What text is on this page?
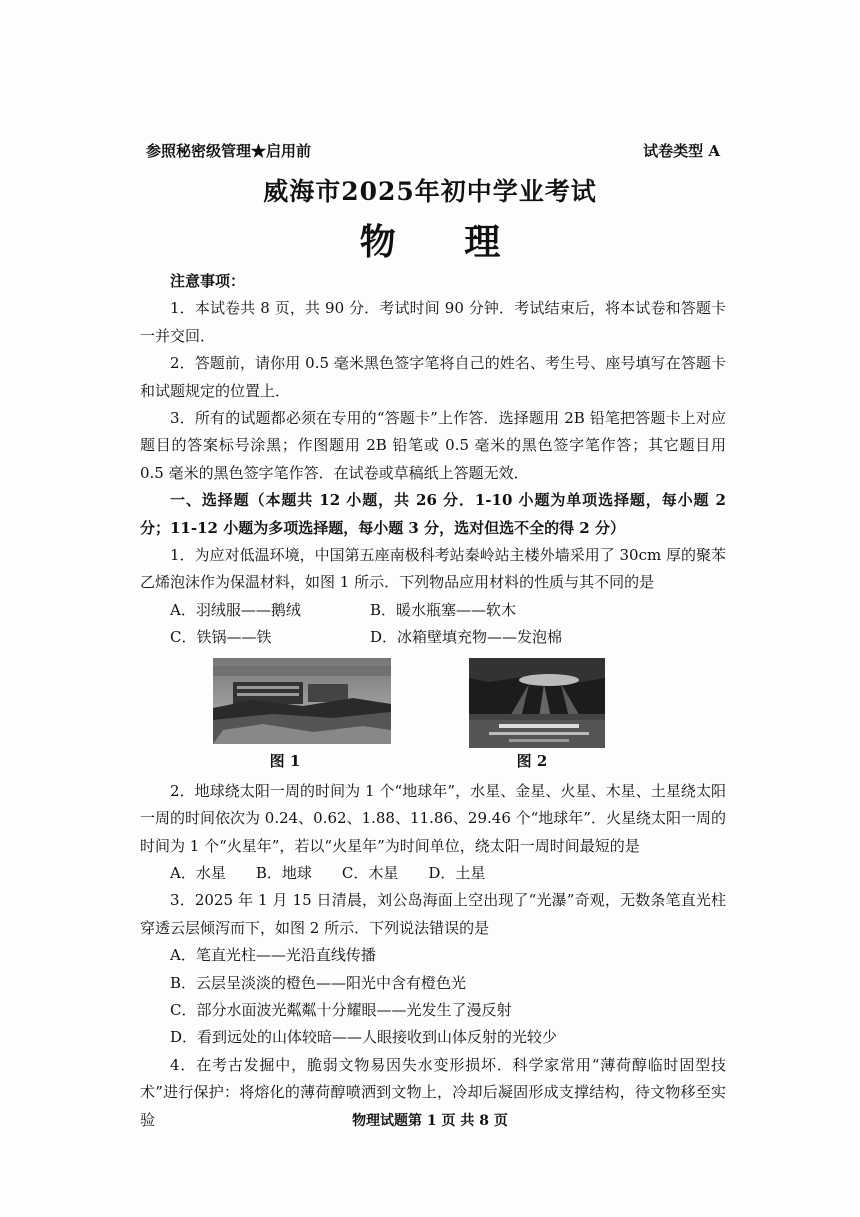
参照秘密级管理★启用前	试卷类型 A
威海市2025年初中学业考试
物 理

注意事项：

1．本试卷共 8 页，共 90 分．考试时间 90 分钟．考试结束后，将本试卷和答题卡一并交回．

2．答题前，请你用 0.5 毫米黑色签字笔将自己的姓名、考生号、座号填写在答题卡和试题规定的位置上．

3．所有的试题都必须在专用的“答题卡”上作答．选择题用 2B 铅笔把答题卡上对应题目的答案标号涂黑；作图题用 2B 铅笔或 0.5 毫米的黑色签字笔作答；其它题目用 0.5 毫米的黑色签字笔作答．在试卷或草稿纸上答题无效．

一、选择题（本题共 12 小题，共 26 分．1-10 小题为单项选择题，每小题 2 分；11-12 小题为多项选择题，每小题 3 分，选对但选不全的得 2 分）

1．为应对低温环境，中国第五座南极科考站秦岭站主楼外墙采用了 30cm 厚的聚苯乙烯泡沫作为保温材料，如图 1 所示．下列物品应用材料的性质与其不同的是

A．羽绒服——鹅绒	B．暖水瓶塞——软木
C．铁锅——铁	D．冰箱壁填充物——发泡棉
图 1	图 2

2．地球绕太阳一周的时间为 1 个“地球年”，水星、金星、火星、木星、土星绕太阳一周的时间依次为 0.24、0.62、1.88、11.86、29.46 个“地球年”．火星绕太阳一周的时间为 1 个“火星年”，若以“火星年”为时间单位，绕太阳一周时间最短的是

A．水星 B．地球 C．木星 D．土星

3．2025 年 1 月 15 日清晨，刘公岛海面上空出现了“光瀑”奇观，无数条笔直光柱穿透云层倾泻而下，如图 2 所示．下列说法错误的是

A．笔直光柱——光沿直线传播
B．云层呈淡淡的橙色——阳光中含有橙色光
C．部分水面波光粼粼十分耀眼——光发生了漫反射
D．看到远处的山体较暗——人眼接收到山体反射的光较少

4．在考古发掘中，脆弱文物易因失水变形损坏．科学家常用“薄荷醇临时固型技术”进行保护：将熔化的薄荷醇喷洒到文物上，冷却后凝固形成支撑结构，待文物移至实验	物理试题第 1 页 共 8 页
